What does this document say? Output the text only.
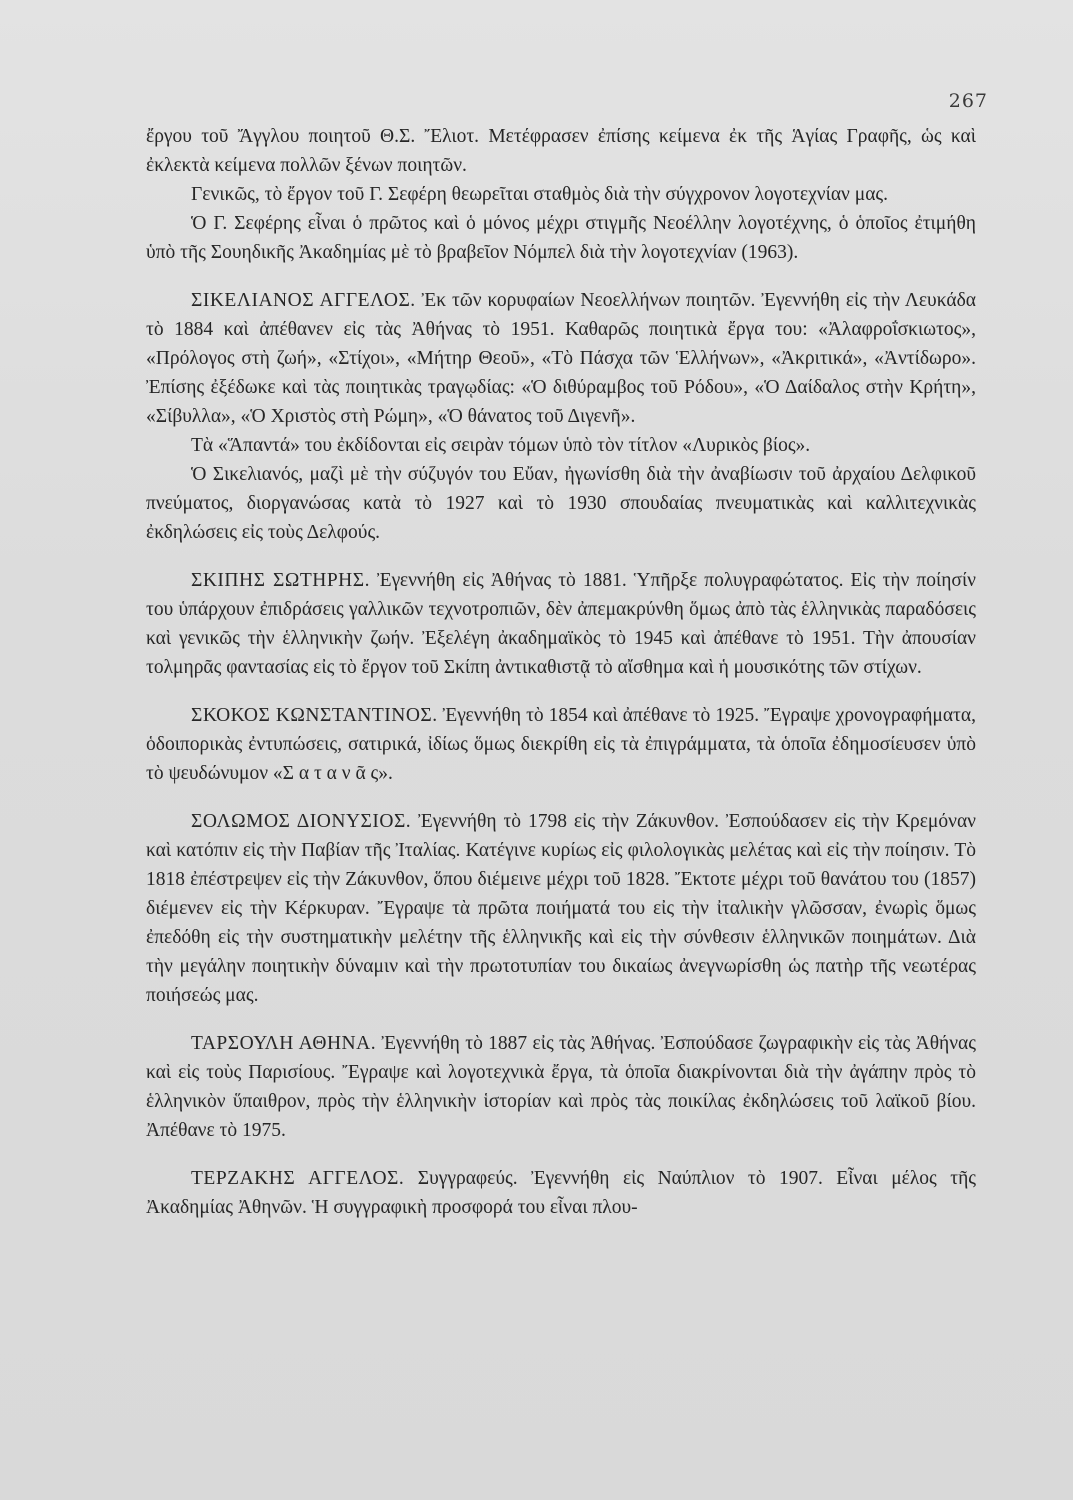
267

ἔργου τοῦ Ἄγγλου ποιητοῦ Θ.Σ. Ἔλιοτ. Μετέφρασεν ἐπίσης κείμενα ἐκ τῆς Ἁγίας Γραφῆς, ὡς καὶ ἐκλεκτὰ κείμενα πολλῶν ξένων ποιητῶν.

Γενικῶς, τὸ ἔργον τοῦ Γ. Σεφέρη θεωρεῖται σταθμὸς διὰ τὴν σύγχρονον λογοτεχνίαν μας.

Ὁ Γ. Σεφέρης εἶναι ὁ πρῶτος καὶ ὁ μόνος μέχρι στιγμῆς Νεοέλλην λογοτέχνης, ὁ ὁποῖος ἐτιμήθη ὑπὸ τῆς Σουηδικῆς Ἀκαδημίας μὲ τὸ βραβεῖον Νόμπελ διὰ τὴν λογοτεχνίαν (1963).

ΣΙΚΕΛΙΑΝΟΣ ΑΓΓΕΛΟΣ. Ἐκ τῶν κορυφαίων Νεοελλήνων ποιητῶν. Ἐγεννήθη εἰς τὴν Λευκάδα τὸ 1884 καὶ ἀπέθανεν εἰς τὰς Ἀθήνας τὸ 1951. Καθαρῶς ποιητικὰ ἔργα του: «Ἀλαφροΐσκιωτος», «Πρόλογος στὴ ζωή», «Στίχοι», «Μήτηρ Θεοῦ», «Τὸ Πάσχα τῶν Ἑλλήνων», «Ἀκριτικά», «Ἀντίδωρο». Ἐπίσης ἐξέδωκε καὶ τὰς ποιητικὰς τραγῳδίας: «Ὁ διθύραμβος τοῦ Ρόδου», «Ὁ Δαίδαλος στὴν Κρήτη», «Σίβυλλα», «Ὁ Χριστὸς στὴ Ρώμη», «Ὁ θάνατος τοῦ Διγενῆ».

Τὰ «Ἅπαντά» του ἐκδίδονται εἰς σειρὰν τόμων ὑπὸ τὸν τίτλον «Λυρικὸς βίος».

Ὁ Σικελιανός, μαζὶ μὲ τὴν σύζυγόν του Εὔαν, ἠγωνίσθη διὰ τὴν ἀναβίωσιν τοῦ ἀρχαίου Δελφικοῦ πνεύματος, διοργανώσας κατὰ τὸ 1927 καὶ τὸ 1930 σπουδαίας πνευματικὰς καὶ καλλιτεχνικὰς ἐκδηλώσεις εἰς τοὺς Δελφούς.

ΣΚΙΠΗΣ ΣΩΤΗΡΗΣ. Ἐγεννήθη εἰς Ἀθήνας τὸ 1881. Ὑπῆρξε πολυγραφώτατος. Εἰς τὴν ποίησίν του ὑπάρχουν ἐπιδράσεις γαλλικῶν τεχνοτροπιῶν, δὲν ἀπεμακρύνθη ὅμως ἀπὸ τὰς ἑλληνικὰς παραδόσεις καὶ γενικῶς τὴν ἑλληνικὴν ζωήν. Ἐξελέγη ἀκαδημαϊκὸς τὸ 1945 καὶ ἀπέθανε τὸ 1951. Τὴν ἀπουσίαν τολμηρᾶς φαντασίας εἰς τὸ ἔργον τοῦ Σκίπη ἀντικαθιστᾷ τὸ αἴσθημα καὶ ἡ μουσικότης τῶν στίχων.

ΣΚΟΚΟΣ ΚΩΝΣΤΑΝΤΙΝΟΣ. Ἐγεννήθη τὸ 1854 καὶ ἀπέθανε τὸ 1925. Ἔγραψε χρονογραφήματα, ὁδοιπορικὰς ἐντυπώσεις, σατιρικά, ἰδίως ὅμως διεκρίθη εἰς τὰ ἐπιγράμματα, τὰ ὁποῖα ἐδημοσίευσεν ὑπὸ τὸ ψευδώνυμον «Σ α τ α ν ᾶ ς».

ΣΟΛΩΜΟΣ ΔΙΟΝΥΣΙΟΣ. Ἐγεννήθη τὸ 1798 εἰς τὴν Ζάκυνθον. Ἐσπούδασεν εἰς τὴν Κρεμόναν καὶ κατόπιν εἰς τὴν Παβίαν τῆς Ἰταλίας. Κατέγινε κυρίως εἰς φιλολογικὰς μελέτας καὶ εἰς τὴν ποίησιν. Τὸ 1818 ἐπέστρεψεν εἰς τὴν Ζάκυνθον, ὅπου διέμεινε μέχρι τοῦ 1828. Ἔκτοτε μέχρι τοῦ θανάτου του (1857) διέμενεν εἰς τὴν Κέρκυραν. Ἔγραψε τὰ πρῶτα ποιήματά του εἰς τὴν ἰταλικὴν γλῶσσαν, ἐνωρὶς ὅμως ἐπεδόθη εἰς τὴν συστηματικὴν μελέτην τῆς ἑλληνικῆς καὶ εἰς τὴν σύνθεσιν ἑλληνικῶν ποιημάτων. Διὰ τὴν μεγάλην ποιητικὴν δύναμιν καὶ τὴν πρωτοτυπίαν του δικαίως ἀνεγνωρίσθη ὡς πατὴρ τῆς νεωτέρας ποιήσεώς μας.

ΤΑΡΣΟΥΛΗ ΑΘΗΝΑ. Ἐγεννήθη τὸ 1887 εἰς τὰς Ἀθήνας. Ἐσπούδασε ζωγραφικὴν εἰς τὰς Ἀθήνας καὶ εἰς τοὺς Παρισίους. Ἔγραψε καὶ λογοτεχνικὰ ἔργα, τὰ ὁποῖα διακρίνονται διὰ τὴν ἀγάπην πρὸς τὸ ἑλληνικὸν ὕπαιθρον, πρὸς τὴν ἑλληνικὴν ἱστορίαν καὶ πρὸς τὰς ποικίλας ἐκδηλώσεις τοῦ λαϊκοῦ βίου. Ἀπέθανε τὸ 1975.

ΤΕΡΖΑΚΗΣ ΑΓΓΕΛΟΣ. Συγγραφεύς. Ἐγεννήθη εἰς Ναύπλιον τὸ 1907. Εἶναι μέλος τῆς Ἀκαδημίας Ἀθηνῶν. Ἡ συγγραφικὴ προσφορά του εἶναι πλου-
